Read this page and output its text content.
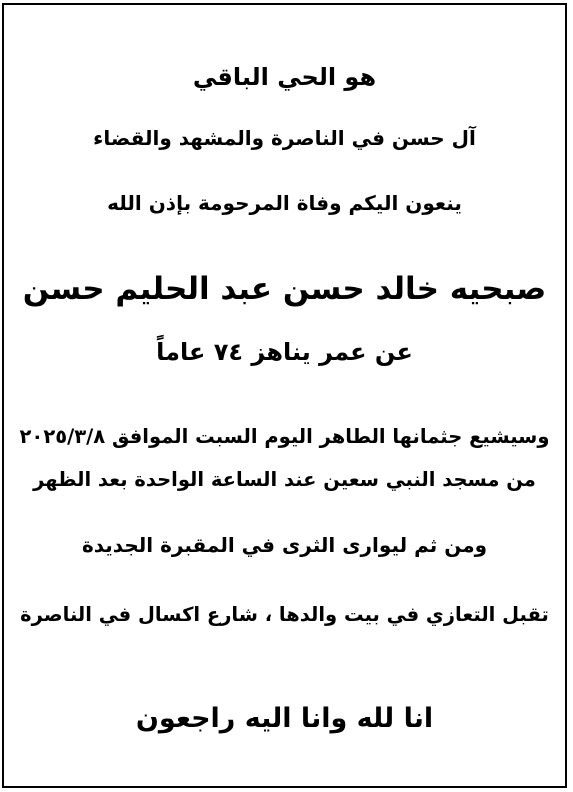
هو الحي الباقي
آل حسن في الناصرة والمشهد والقضاء
ينعون اليكم وفاة المرحومة بإذن الله
صبحيه خالد حسن عبد الحليم حسن
عن عمر يناهز ٧٤ عاماً
وسيشيع جثمانها الطاهر اليوم السبت الموافق ٢٠٢٥/٣/٨
من مسجد النبي سعين عند الساعة الواحدة بعد الظهر
ومن ثم ليوارى الثرى في المقبرة الجديدة
تقبل التعازي في بيت والدها ، شارع اكسال في الناصرة
انا لله وانا اليه راجعون
